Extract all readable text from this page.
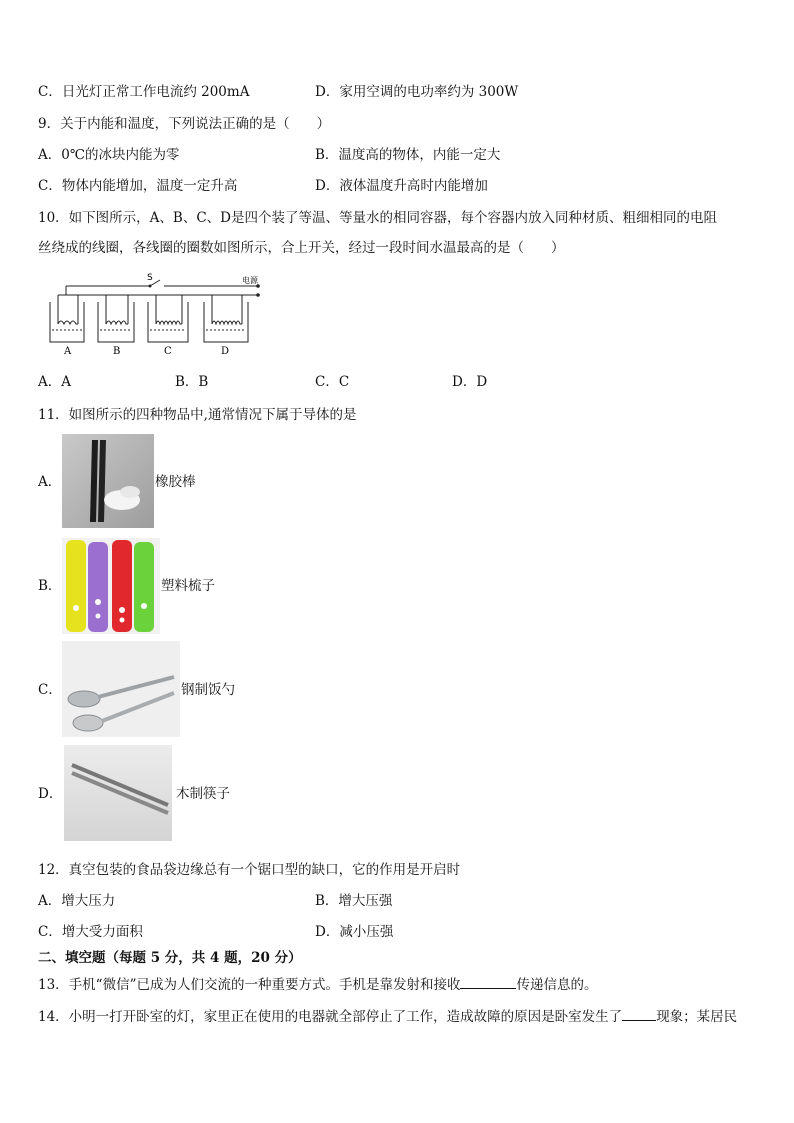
C．日光灯正常工作电流约 200mA	D．家用空调的电功率约为 300W
9．关于内能和温度，下列说法正确的是（　　）
A．0℃的冰块内能为零	B．温度高的物体，内能一定大
C．物体内能增加，温度一定升高	D．液体温度升高时内能增加
10．如下图所示，A、B、C、D是四个装了等温、等量水的相同容器，每个容器内放入同种材质、粗细相同的电阻
丝绕成的线圈，各线圈的圈数如图所示，合上开关，经过一段时间水温最高的是（　　）
S	电源
A	B	C	D
A．A	B．B	C．C	D．D
11．如图所示的四种物品中,通常情况下属于导体的是
A．	橡胶棒
B．	塑料梳子
C．	钢制饭勺
D．	木制筷子
12．真空包装的食品袋边缘总有一个锯口型的缺口，它的作用是开启时
A．增大压力	B．增大压强
C．增大受力面积	D．减小压强
二、填空题（每题 5 分，共 4 题，20 分）
13．手机“微信”已成为人们交流的一种重要方式。手机是靠发射和接收	传递信息的。
14．小明一打开卧室的灯，家里正在使用的电器就全部停止了工作，造成故障的原因是卧室发生了	现象；某居民
